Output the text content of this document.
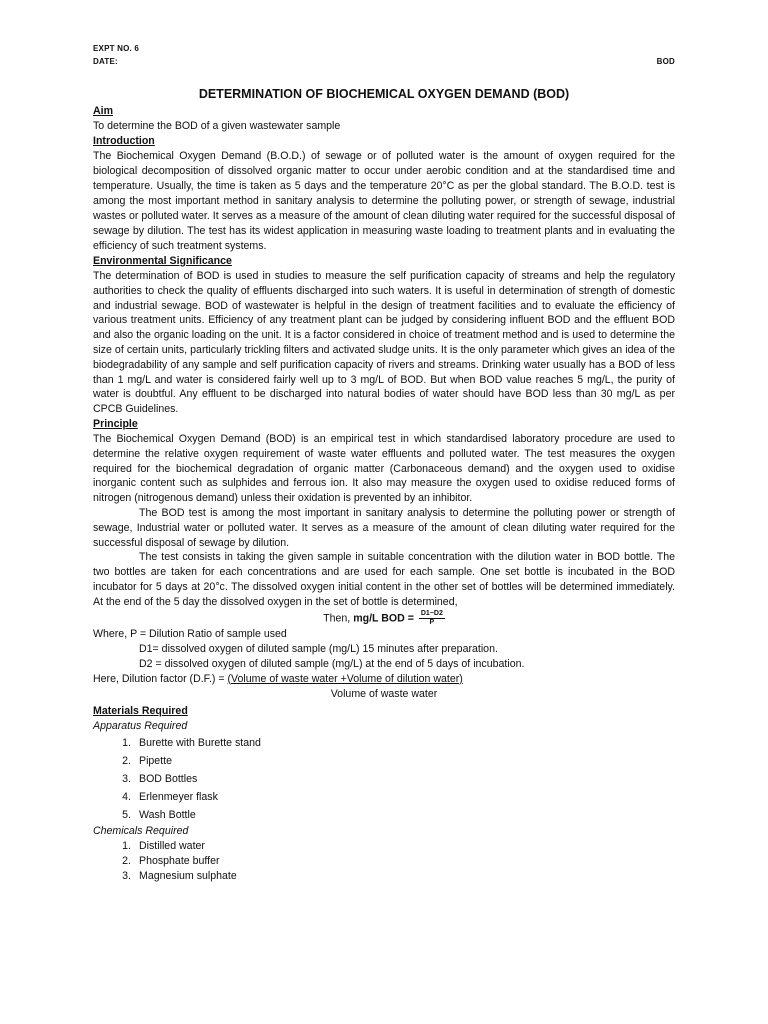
EXPT NO. 6
DATE:	BOD
DETERMINATION OF BIOCHEMICAL OXYGEN DEMAND (BOD)
Aim
To determine the BOD of a given wastewater sample
Introduction
The Biochemical Oxygen Demand (B.O.D.) of sewage or of polluted water is the amount of oxygen required for the biological decomposition of dissolved organic matter to occur under aerobic condition and at the standardised time and temperature. Usually, the time is taken as 5 days and the temperature 20°C as per the global standard. The B.O.D. test is among the most important method in sanitary analysis to determine the polluting power, or strength of sewage, industrial wastes or polluted water. It serves as a measure of the amount of clean diluting water required for the successful disposal of sewage by dilution. The test has its widest application in measuring waste loading to treatment plants and in evaluating the efficiency of such treatment systems.
Environmental Significance
The determination of BOD is used in studies to measure the self purification capacity of streams and help the regulatory authorities to check the quality of effluents discharged into such waters. It is useful in determination of strength of domestic and industrial sewage. BOD of wastewater is helpful in the design of treatment facilities and to evaluate the efficiency of various treatment units. Efficiency of any treatment plant can be judged by considering influent BOD and the effluent BOD and also the organic loading on the unit. It is a factor considered in choice of treatment method and is used to determine the size of certain units, particularly trickling filters and activated sludge units. It is the only parameter which gives an idea of the biodegradability of any sample and self purification capacity of rivers and streams. Drinking water usually has a BOD of less than 1 mg/L and water is considered fairly well up to 3 mg/L of BOD. But when BOD value reaches 5 mg/L, the purity of water is doubtful. Any effluent to be discharged into natural bodies of water should have BOD less than 30 mg/L as per CPCB Guidelines.
Principle
The Biochemical Oxygen Demand (BOD) is an empirical test in which standardised laboratory procedure are used to determine the relative oxygen requirement of waste water effluents and polluted water. The test measures the oxygen required for the biochemical degradation of organic matter (Carbonaceous demand) and the oxygen used to oxidise inorganic content such as sulphides and ferrous ion. It also may measure the oxygen used to oxidise reduced forms of nitrogen (nitrogenous demand) unless their oxidation is prevented by an inhibitor.
The BOD test is among the most important in sanitary analysis to determine the polluting power or strength of sewage, Industrial water or polluted water. It serves as a measure of the amount of clean diluting water required for the successful disposal of sewage by dilution.
The test consists in taking the given sample in suitable concentration with the dilution water in BOD bottle. The two bottles are taken for each concentrations and are used for each sample. One set bottle is incubated in the BOD incubator for 5 days at 20°c. The dissolved oxygen initial content in the other set of bottles will be determined immediately. At the end of the 5 day the dissolved oxygen in the set of bottle is determined,
Then, mg/L BOD = $\frac{D1-D2}{P}$
Where, P = Dilution Ratio of sample used
D1= dissolved oxygen of diluted sample (mg/L) 15 minutes after preparation.
D2 = dissolved oxygen of diluted sample (mg/L) at the end of 5 days of incubation.
Here, Dilution factor (D.F.) = (Volume of waste water +Volume of dilution water)
Volume of waste water
Materials Required
Apparatus Required
1. Burette with Burette stand
2. Pipette
3. BOD Bottles
4. Erlenmeyer flask
5. Wash Bottle
Chemicals Required
1. Distilled water
2. Phosphate buffer
3. Magnesium sulphate
